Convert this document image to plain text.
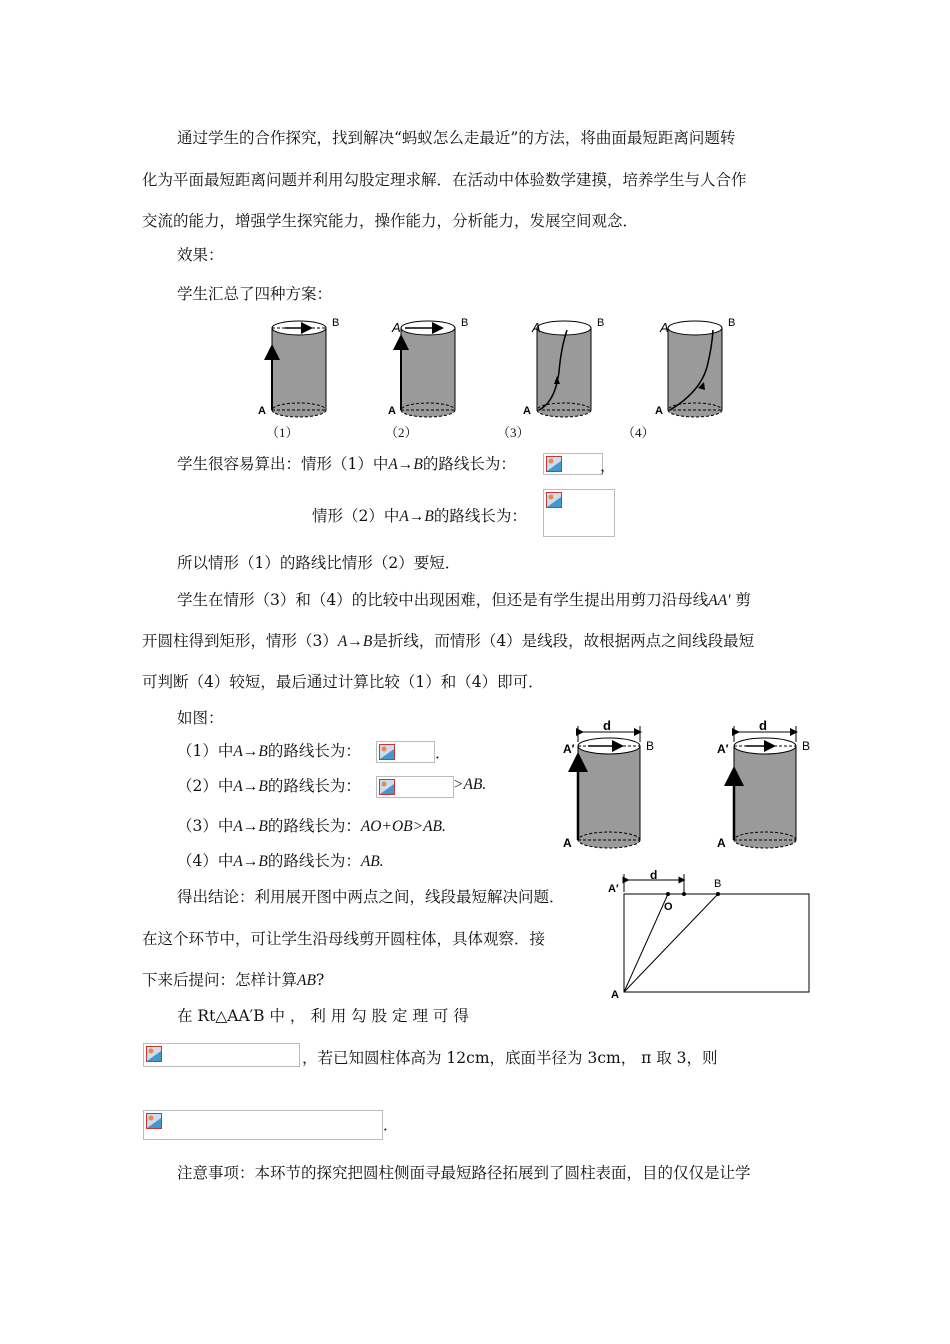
通过学生的合作探究，找到解决“蚂蚁怎么走最近”的方法，将曲面最短距离问题转
化为平面最短距离问题并利用勾股定理求解．在活动中体验数学建摸，培养学生与人合作
交流的能力，增强学生探究能力，操作能力，分析能力，发展空间观念．
效果：
学生汇总了四种方案：
A
B
A
A	B
A
A	B
A
A	B
（1）	（2）	（3）	（4）
学生很容易算出：情形（1）中A→B的路线长为：	，
情形（2）中A→B的路线长为：
所以情形（1）的路线比情形（2）要短．
学生在情形（3）和（4）的比较中出现困难，但还是有学生提出用剪刀沿母线AA′ 剪
开圆柱得到矩形，情形（3）A→B是折线，而情形（4）是线段，故根据两点之间线段最短
可判断（4）较短，最后通过计算比较（1）和（4）即可．
如图：
（1）中A→B的路线长为：	．
（2）中A→B的路线长为：	>AB.
（3）中A→B的路线长为：AO+OB>AB.
（4）中A→B的路线长为：AB.
d
A′
A
B
d
A′
A
B
d
O
B
A′
A
得出结论：利用展开图中两点之间，线段最短解决问题．
在这个环节中，可让学生沿母线剪开圆柱体，具体观察．接
下来后提问：怎样计算AB?
在 Rt△AA′B 中 ， 利 用 勾 股 定 理 可 得
，若已知圆柱体高为 12cm，底面半径为 3cm， π 取 3，则
．
注意事项：本环节的探究把圆柱侧面寻最短路径拓展到了圆柱表面，目的仅仅是让学
